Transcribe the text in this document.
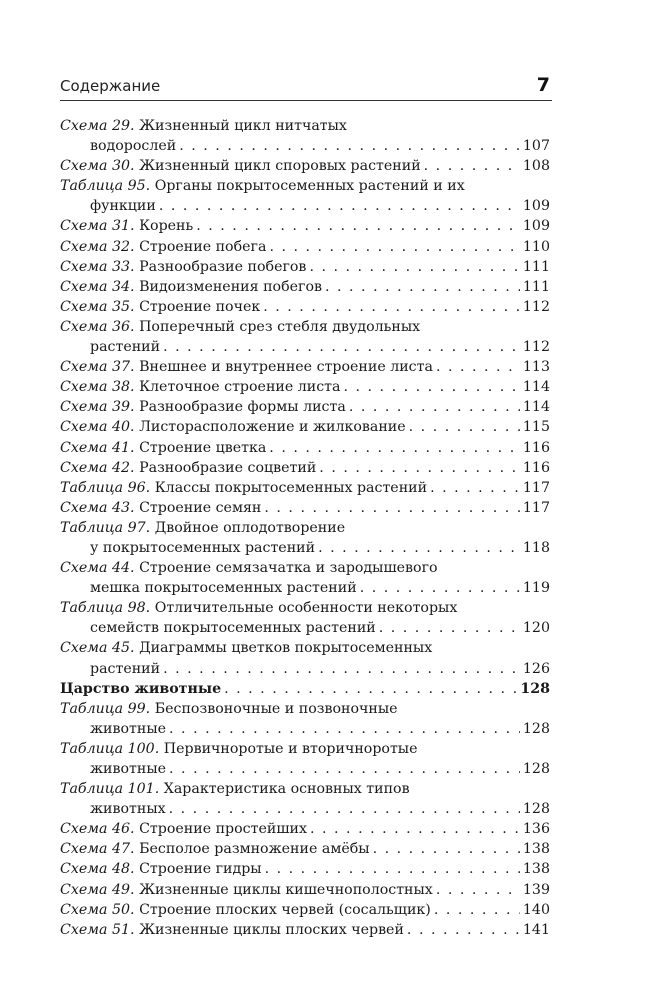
Содержание	7
Схема 29. Жизненный цикл нитчатых
водорослей . . .	107
Схема 30. Жизненный цикл споровых растений . . .	108
Таблица 95. Органы покрытосеменных растений и их
функции . . .	109
Схема 31. Корень . . .	109
Схема 32. Строение побега . . .	110
Схема 33. Разнообразие побегов . . .	111
Схема 34. Видоизменения побегов . . .	111
Схема 35. Строение почек . . .	112
Схема 36. Поперечный срез стебля двудольных
растений . . .	112
Схема 37. Внешнее и внутреннее строение листа . . .	113
Схема 38. Клеточное строение листа . . .	114
Схема 39. Разнообразие формы листа . . .	114
Схема 40. Листорасположение и жилкование . . .	115
Схема 41. Строение цветка . . .	116
Схема 42. Разнообразие соцветий . . .	116
Таблица 96. Классы покрытосеменных растений . . .	117
Схема 43. Строение семян . . .	117
Таблица 97. Двойное оплодотворение
у покрытосеменных растений . . .	118
Схема 44. Строение семязачатка и зародышевого
мешка покрытосеменных растений . . .	119
Таблица 98. Отличительные особенности некоторых
семейств покрытосеменных растений . . .	120
Схема 45. Диаграммы цветков покрытосеменных
растений . . .	126
Царство животные . . .	128
Таблица 99. Беспозвоночные и позвоночные
животные . . .	128
Таблица 100. Первичноротые и вторичноротые
животные . . .	128
Таблица 101. Характеристика основных типов
животных . . .	128
Схема 46. Строение простейших . . .	136
Схема 47. Бесполое размножение амёбы . . .	138
Схема 48. Строение гидры . . .	138
Схема 49. Жизненные циклы кишечнополостных . . .	139
Схема 50. Строение плоских червей (сосальщик) . . .	140
Схема 51. Жизненные циклы плоских червей . . .	141
